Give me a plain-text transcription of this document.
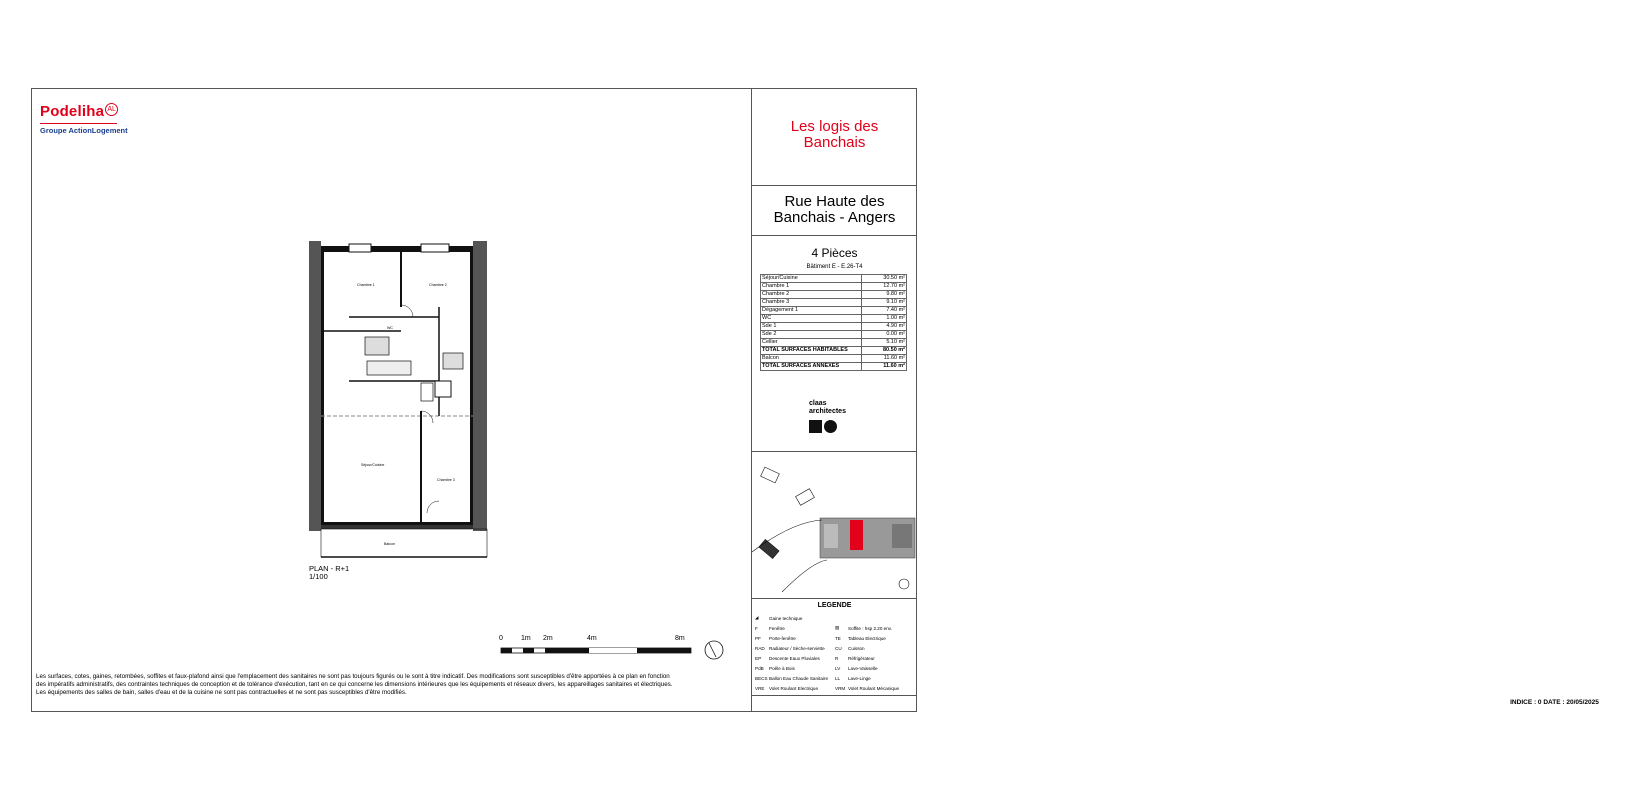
Podeliha AL
Groupe ActionLogement
Chambre 1	Chambre 2
WC
Séjour/Cuisine
Chambre 3
Balcon
PLAN - R+1
1/100
0	1m 2m	4m	8m
Les surfaces, cotes, gaines, retombées, soffites et faux-plafond ainsi que l'emplacement des sanitaires ne sont pas toujours figurés ou le sont à titre indicatif. Des modifications sont susceptibles d'être apportées à ce plan en fonction
des impératifs administratifs, des contraintes techniques de conception et de tolérance d'exécution, tant en ce qui concerne les dimensions intérieures que les équipements et réseaux divers, les appareillages sanitaires et électriques.
Les équipements des salles de bain, salles d'eau et de la cuisine ne sont pas contractuelles et ne sont pas susceptibles d'être modifiés.
Les logis des
Banchais
Rue Haute des
Banchais - Angers
4 Pièces
Bâtiment E - E.26-T4
Séjour/Cuisine	30.50 m²
Chambre 1	12.70 m²
Chambre 2	9.80 m²
Chambre 3	9.10 m²
Dégagement 1	7.40 m²
WC	1.00 m²
Sde 1	4.90 m²
Sde 2	0.00 m²
Cellier	5.10 m²
TOTAL SURFACES HABITABLES	80.50 m²
Balcon	11.60 m²
TOTAL SURFACES ANNEXES	11.60 m²
claas
architectes
LEGENDE
◢	Gaine technique
F	Fenêtre	▨	Soffite : hsp 2.20 env.
PF	Porte-fenêtre	TE	Tableau Electrique
RAD Radiateur / Sèche-serviette	CU	Cuisson
EP	Descente Eaux Pluviales	R	Réfrigérateur
PdB	Poêle à Bois	LV	Lave-Vaisselle
BECS Ballon Eau Chaude Sanitaire	LL	Lave-Linge
VRE Volet Roulant Electrique	VRM Volet Roulant Mécanique
INDICE : 0 DATE : 20/05/2025
